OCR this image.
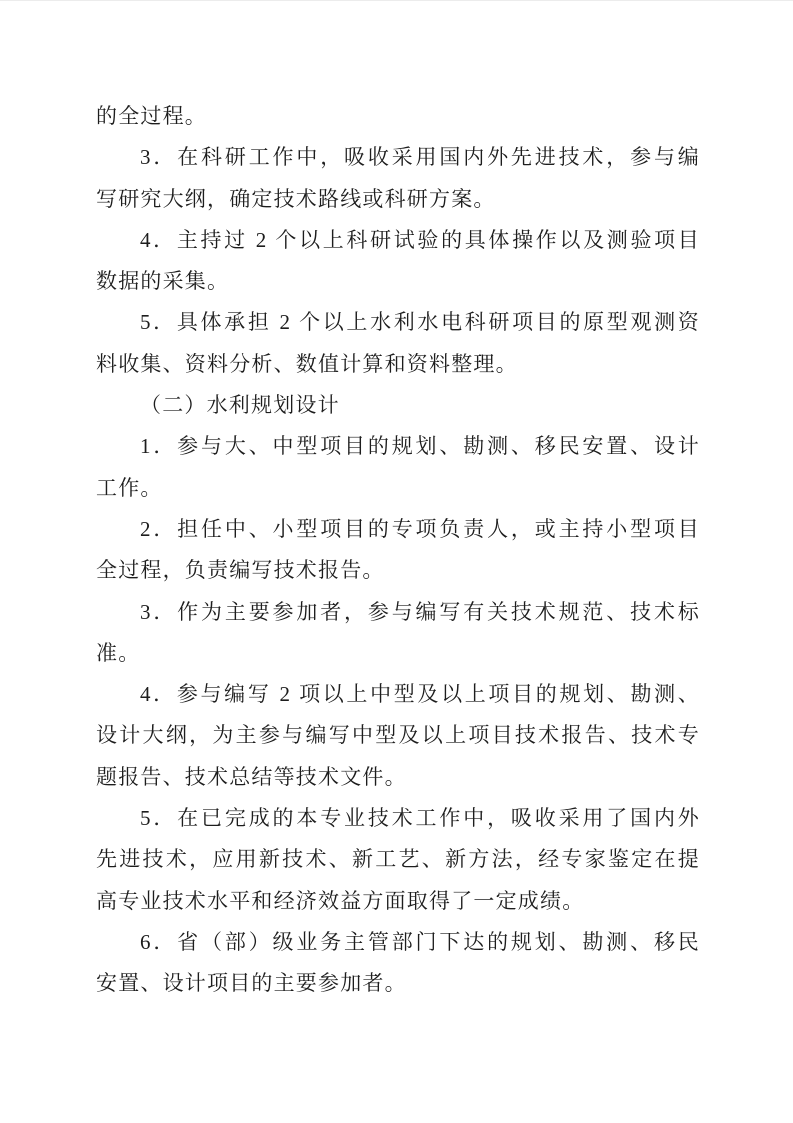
的全过程。
3．在科研工作中，吸收采用国内外先进技术，参与编
写研究大纲，确定技术路线或科研方案。
4．主持过 2 个以上科研试验的具体操作以及测验项目
数据的采集。
5．具体承担 2 个以上水利水电科研项目的原型观测资
料收集、资料分析、数值计算和资料整理。
（二）水利规划设计
1．参与大、中型项目的规划、勘测、移民安置、设计
工作。
2．担任中、小型项目的专项负责人，或主持小型项目
全过程，负责编写技术报告。
3．作为主要参加者，参与编写有关技术规范、技术标
准。
4．参与编写 2 项以上中型及以上项目的规划、勘测、
设计大纲，为主参与编写中型及以上项目技术报告、技术专
题报告、技术总结等技术文件。
5．在已完成的本专业技术工作中，吸收采用了国内外
先进技术，应用新技术、新工艺、新方法，经专家鉴定在提
高专业技术水平和经济效益方面取得了一定成绩。
6．省（部）级业务主管部门下达的规划、勘测、移民
安置、设计项目的主要参加者。
